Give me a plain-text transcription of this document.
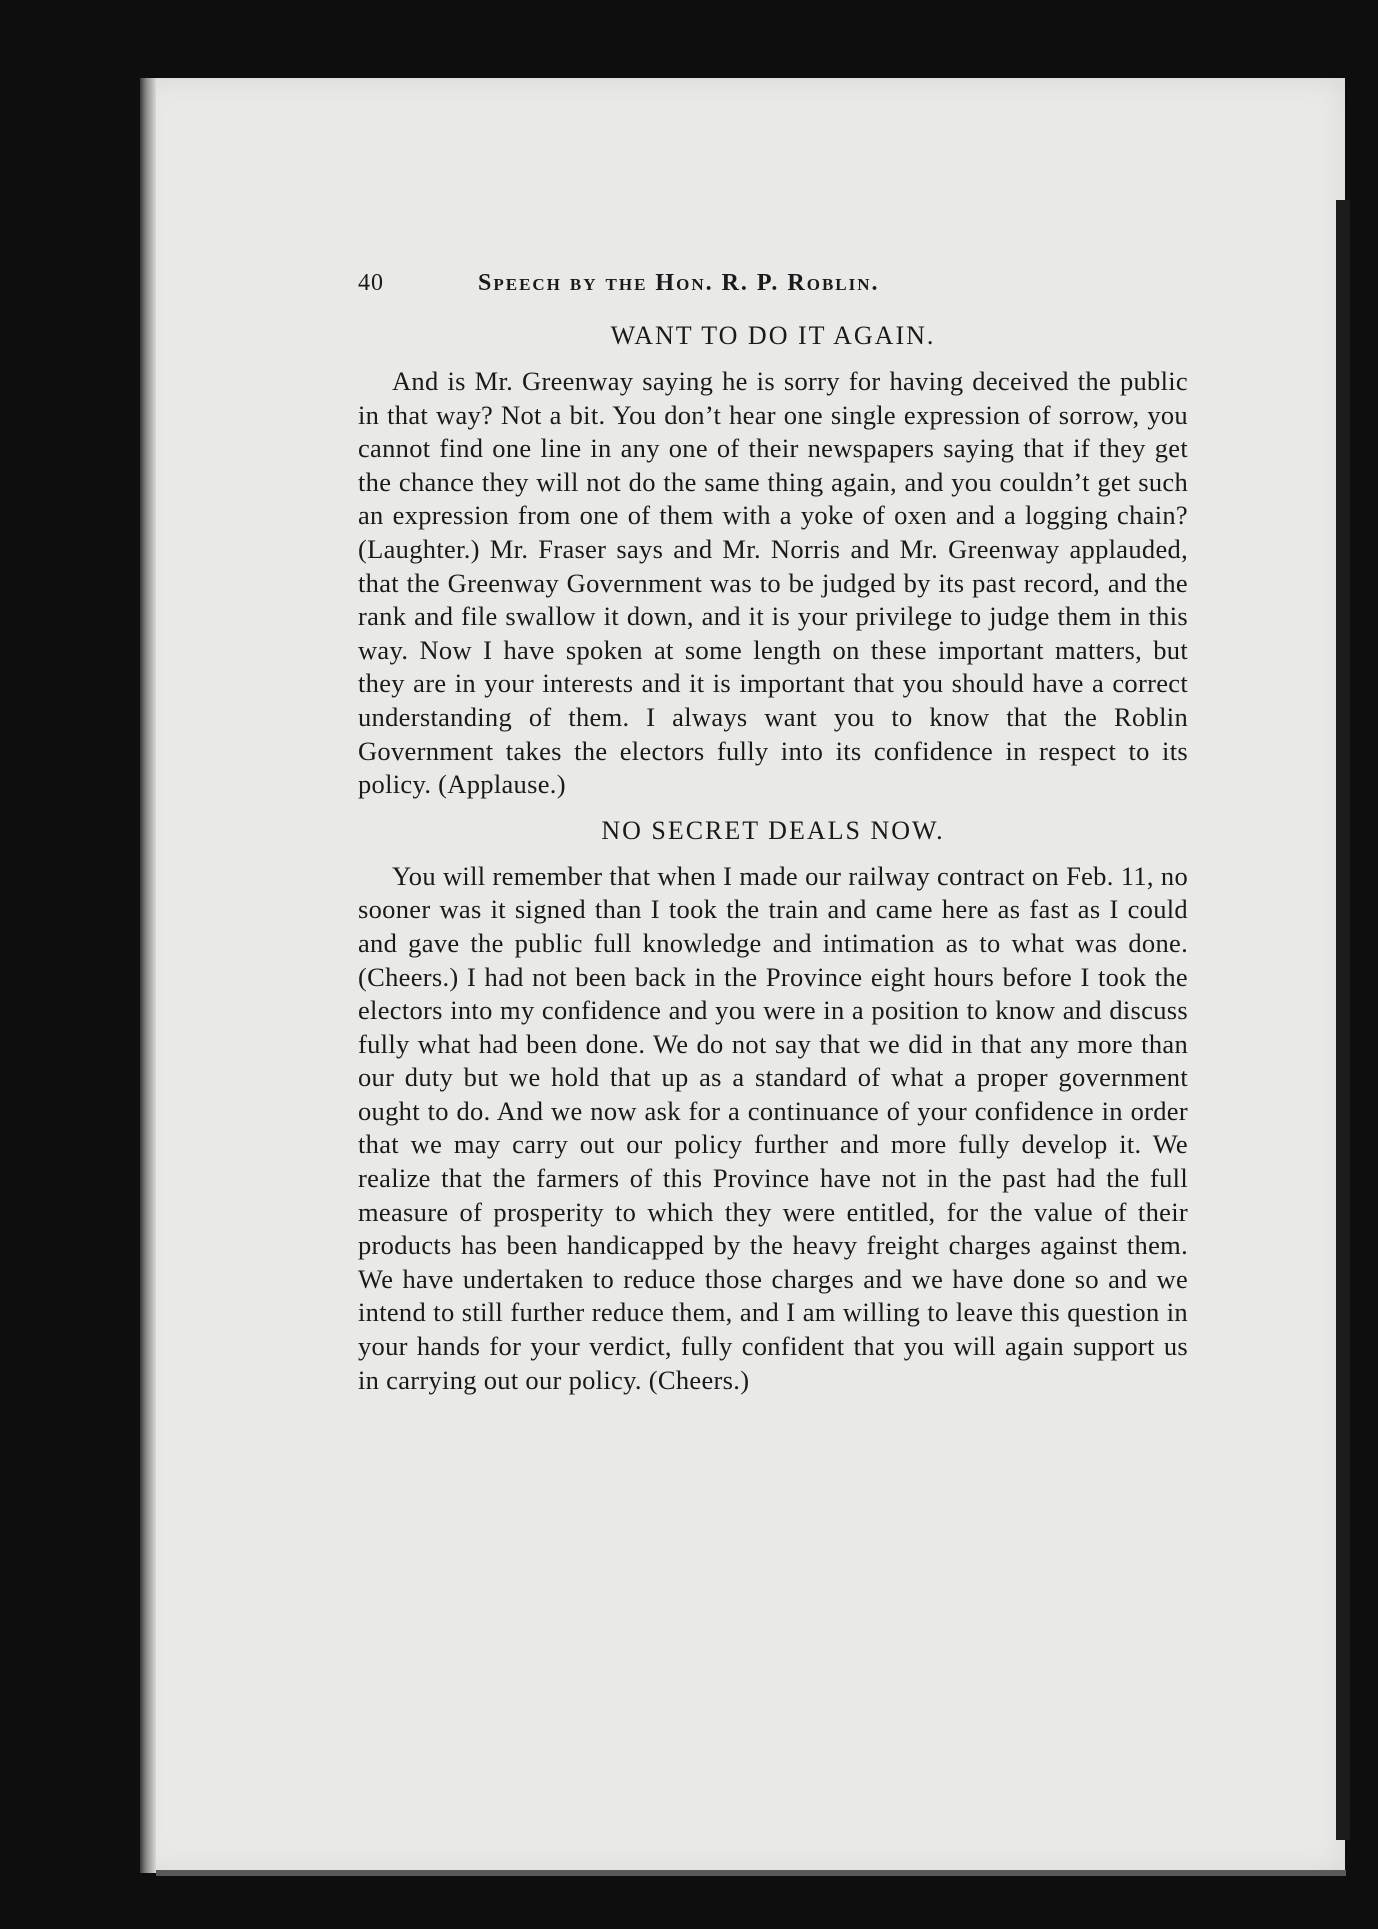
40	Speech by the Hon. R. P. Roblin.
WANT TO DO IT AGAIN.

And is Mr. Greenway saying he is sorry for having deceived the public in that way? Not a bit. You don’t hear one single expression of sorrow, you cannot find one line in any one of their newspapers saying that if they get the chance they will not do the same thing again, and you couldn’t get such an expression from one of them with a yoke of oxen and a logging chain? (Laughter.) Mr. Fraser says and Mr. Norris and Mr. Greenway applauded, that the Greenway Government was to be judged by its past record, and the rank and file swallow it down, and it is your privilege to judge them in this way. Now I have spoken at some length on these important matters, but they are in your interests and it is important that you should have a correct understanding of them. I always want you to know that the Roblin Government takes the electors fully into its confidence in respect to its policy. (Applause.)

NO SECRET DEALS NOW.

You will remember that when I made our railway contract on Feb. 11, no sooner was it signed than I took the train and came here as fast as I could and gave the public full knowledge and intimation as to what was done. (Cheers.) I had not been back in the Province eight hours before I took the electors into my confidence and you were in a position to know and discuss fully what had been done. We do not say that we did in that any more than our duty but we hold that up as a standard of what a proper government ought to do. And we now ask for a continuance of your confidence in order that we may carry out our policy further and more fully develop it. We realize that the farmers of this Province have not in the past had the full measure of prosperity to which they were entitled, for the value of their products has been handicapped by the heavy freight charges against them. We have undertaken to reduce those charges and we have done so and we intend to still further reduce them, and I am willing to leave this question in your hands for your verdict, fully confident that you will again support us in carrying out our policy. (Cheers.)
